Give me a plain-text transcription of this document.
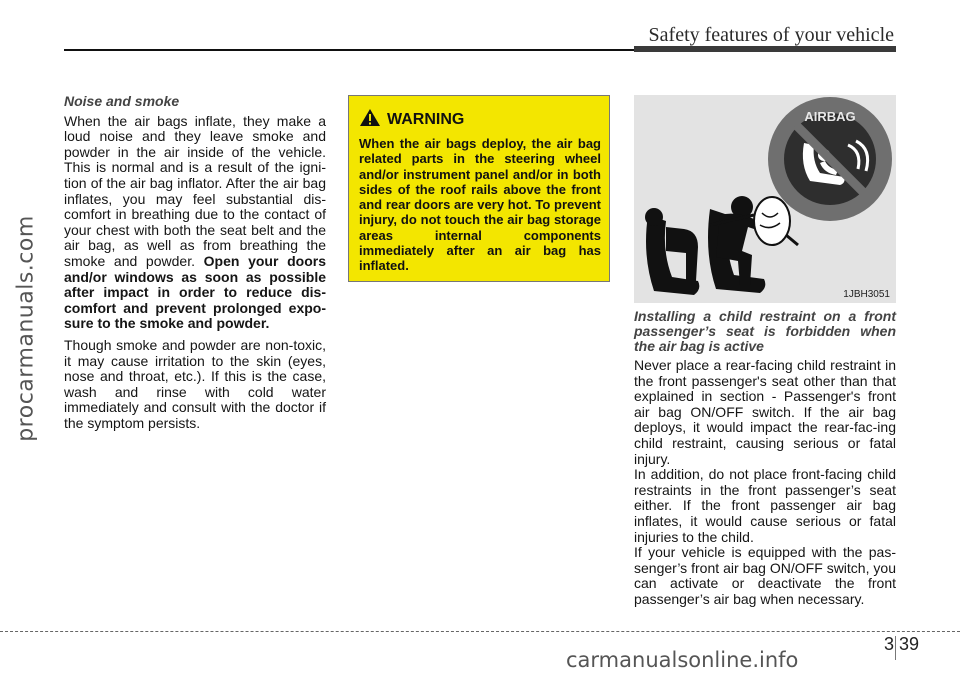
Safety features of your vehicle
procarmanuals.com
Noise and smoke

When the air bags inflate, they make a loud noise and they leave smoke and powder in the air inside of the vehicle. This is normal and is a result of the igni-tion of the air bag inflator. After the air bag inflates, you may feel substantial dis-comfort in breathing due to the contact of your chest with both the seat belt and the air bag, as well as from breathing the smoke and powder. Open your doors and/or windows as soon as possible after impact in order to reduce dis-comfort and prevent prolonged expo-sure to the smoke and powder.

Though smoke and powder are non-toxic, it may cause irritation to the skin (eyes, nose and throat, etc.). If this is the case, wash and rinse with cold water immediately and consult with the doctor if the symptom persists.

WARNING
When the air bags deploy, the air bag related parts in the steering wheel and/or instrument panel and/or in both sides of the roof rails above the front and rear doors are very hot. To prevent injury, do not touch the air bag storage areas internal components immediately after an air bag has inflated.
AIRBAG
1JBH3051
Installing a child restraint on a front passenger’s seat is forbidden when the air bag is active

Never place a rear-facing child restraint in the front passenger's seat other than that explained in section - Passenger's front air bag ON/OFF switch. If the air bag deploys, it would impact the rear-fac-ing child restraint, causing serious or fatal injury.

In addition, do not place front-facing child restraints in the front passenger’s seat either. If the front passenger air bag inflates, it would cause serious or fatal injuries to the child.

If your vehicle is equipped with the pas-senger’s front air bag ON/OFF switch, you can activate or deactivate the front passenger’s air bag when necessary.

3 39
carmanualsonline.info
